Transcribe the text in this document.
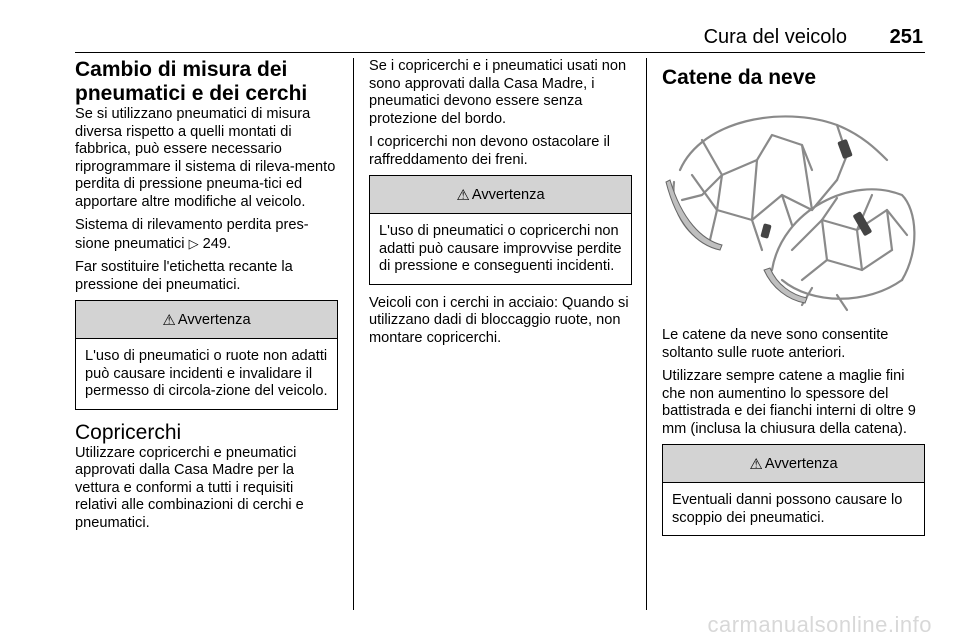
Cura del veicolo 251
Cambio di misura dei pneumatici e dei cerchi

Se si utilizzano pneumatici di misura diversa rispetto a quelli montati di fabbrica, può essere necessario riprogrammare il sistema di rileva-mento perdita di pressione pneuma-tici ed apportare altre modifiche al veicolo.

Sistema di rilevamento perdita pres-sione pneumatici ▷ 249.

Far sostituire l'etichetta recante la pressione dei pneumatici.

⚠ Avvertenza
L'uso di pneumatici o ruote non adatti può causare incidenti e invalidare il permesso di circola-zione del veicolo.
Copricerchi

Utilizzare copricerchi e pneumatici approvati dalla Casa Madre per la vettura e conformi a tutti i requisiti relativi alle combinazioni di cerchi e pneumatici.

Se i copricerchi e i pneumatici usati non sono approvati dalla Casa Madre, i pneumatici devono essere senza protezione del bordo.

I copricerchi non devono ostacolare il raffreddamento dei freni.

⚠ Avvertenza
L'uso di pneumatici o copricerchi non adatti può causare improvvise perdite di pressione e conseguenti incidenti.

Veicoli con i cerchi in acciaio: Quando si utilizzano dadi di bloccaggio ruote, non montare copricerchi.

Catene da neve

Le catene da neve sono consentite soltanto sulle ruote anteriori.

Utilizzare sempre catene a maglie fini che non aumentino lo spessore del battistrada e dei fianchi interni di oltre 9 mm (inclusa la chiusura della catena).

⚠ Avvertenza
Eventuali danni possono causare lo scoppio dei pneumatici.
carmanualsonline.info
